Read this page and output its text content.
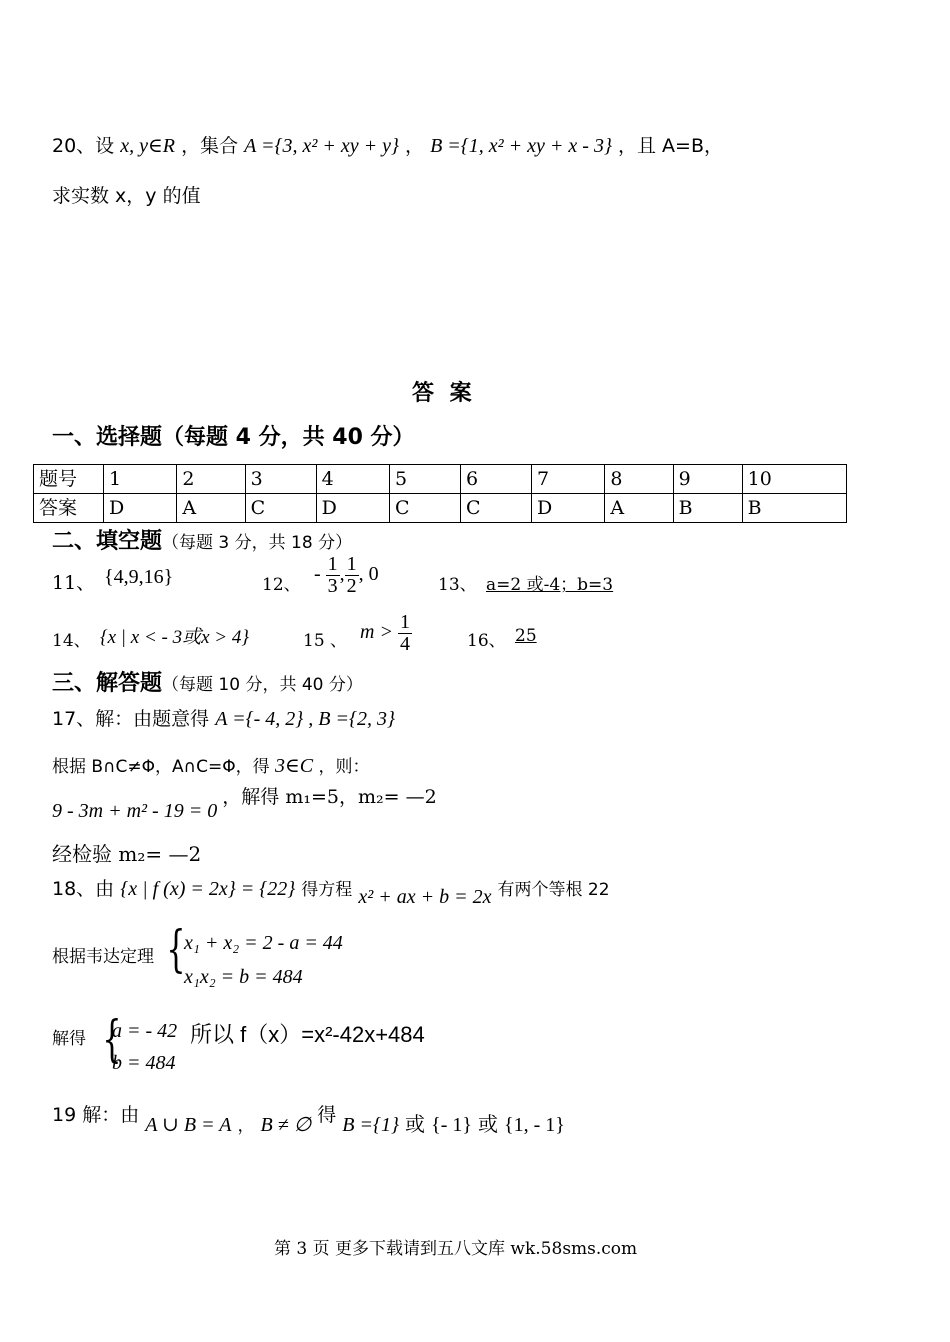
20、设 x, y∈R ，集合 A ={3, x² + xy + y} ， B ={1, x² + xy + x - 3} ，且 A=B，
求实数 x，y 的值
答 案
一、选择题（每题 4 分，共 40 分）
题号	1	2	3	4	5	6	7	8	9	10
答案	D	A	C	D	C	C	D	A	B	B
二、填空题（每题 3 分，共 18 分）
11、 {4,9,16}	12、 - $\frac{1}{3}$ , $\frac{1}{2}$ , 0	13、 a=2 或-4；b=3
14、 {x | x < - 3或x > 4}	15 、 $m > \frac{1}{4}$	16、 25
三、解答题（每题 10 分，共 40 分）
17、解：由题意得 A ={- 4, 2} , B ={2, 3}
根据 B∩C≠Φ，A∩C=Φ，得 3∈C ，则：
9 - 3m + m² - 19 = 0 ，解得 m₁=5，m₂= —2
经检验 m₂= —2
18、由 {x | f (x) = 2x} = {22} 得方程 x² + ax + b = 2x 有两个等根 22
根据韦达定理 {
x₁ + x₂ = 2 - a = 44
x₁x₂ = b = 484
解得 {
a = - 42
b = 484
所以 f（x）=x²-42x+484
19 解：由 A ∪ B = A ， B ≠ ∅ 得 B ={1} 或 {- 1} 或 {1, - 1}
第 3 页 更多下载请到五八文库 wk.58sms.com
